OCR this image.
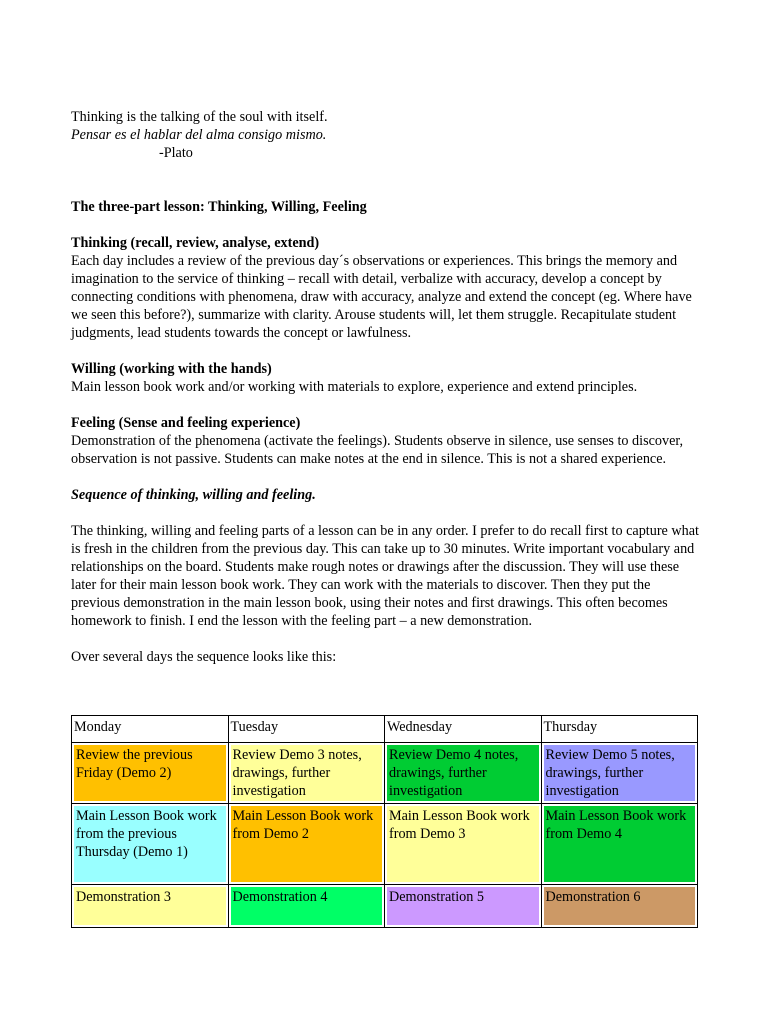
Thinking is the talking of the soul with itself.
Pensar es el hablar del alma consigo mismo.
-Plato

The three-part lesson: Thinking, Willing, Feeling

Thinking (recall, review, analyse, extend)

Each day includes a review of the previous day´s observations or experiences. This brings the memory and imagination to the service of thinking – recall with detail, verbalize with accuracy, develop a concept by connecting conditions with phenomena, draw with accuracy, analyze and extend the concept (eg. Where have we seen this before?), summarize with clarity. Arouse students will, let them struggle. Recapitulate student judgments, lead students towards the concept or lawfulness.

Willing (working with the hands)

Main lesson book work and/or working with materials to explore, experience and extend principles.

Feeling (Sense and feeling experience)

Demonstration of the phenomena (activate the feelings). Students observe in silence, use senses to discover, observation is not passive. Students can make notes at the end in silence. This is not a shared experience.

Sequence of thinking, willing and feeling.

The thinking, willing and feeling parts of a lesson can be in any order. I prefer to do recall first to capture what is fresh in the children from the previous day. This can take up to 30 minutes. Write important vocabulary and relationships on the board. Students make rough notes or drawings after the discussion. They will use these later for their main lesson book work. They can work with the materials to discover. Then they put the previous demonstration in the main lesson book, using their notes and first drawings. This often becomes homework to finish. I end the lesson with the feeling part – a new demonstration.

Over several days the sequence looks like this:

Monday	Tuesday	Wednesday	Thursday

Review the previous Friday (Demo 2)	Review Demo 3 notes, drawings, further investigation	Review Demo 4 notes, drawings, further investigation	Review Demo 5 notes, drawings, further investigation

Main Lesson Book work from the previous Thursday (Demo 1)	Main Lesson Book work from Demo 2	Main Lesson Book work from Demo 3	Main Lesson Book work from Demo 4

Demonstration 3	Demonstration 4	Demonstration 5	Demonstration 6
